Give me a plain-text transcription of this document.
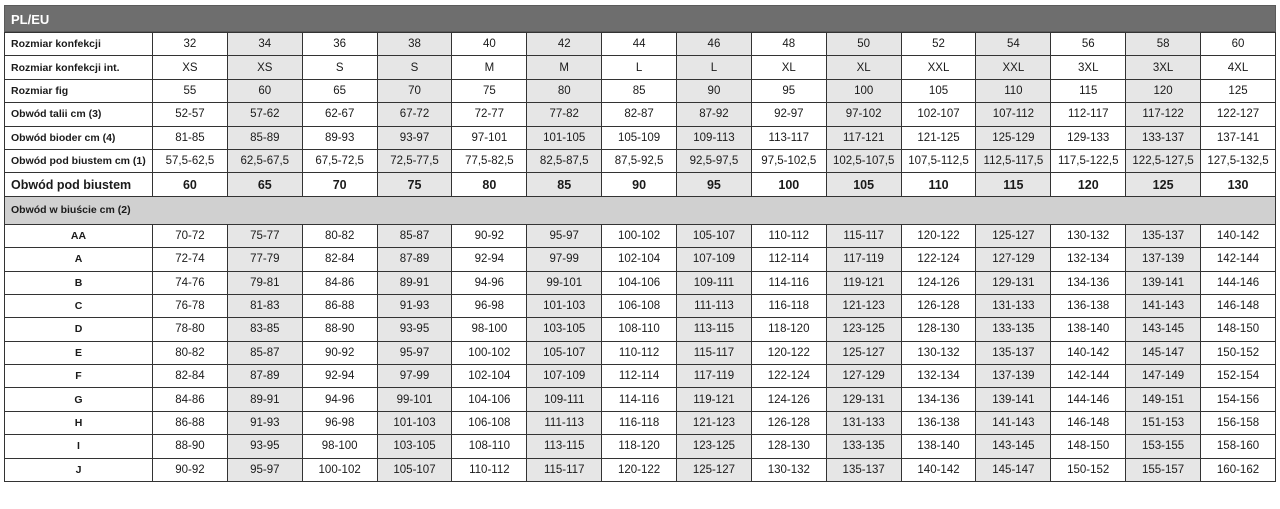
PL/EU
Rozmiar konfekcji	32	34	36	38	40	42	44	46	48	50	52	54	56	58	60
Rozmiar konfekcji int.	XS	XS	S	S	M	M	L	L	XL	XL	XXL	XXL	3XL	3XL	4XL
Rozmiar fig	55	60	65	70	75	80	85	90	95	100	105	110	115	120	125
Obwód talii cm (3)	52-57	57-62	62-67	67-72	72-77	77-82	82-87	87-92	92-97	97-102	102-107	107-112	112-117	117-122	122-127
Obwód bioder cm (4)	81-85	85-89	89-93	93-97	97-101	101-105	105-109	109-113	113-117	117-121	121-125	125-129	129-133	133-137	137-141
Obwód pod biustem cm (1)	57,5-62,5	62,5-67,5	67,5-72,5	72,5-77,5	77,5-82,5	82,5-87,5	87,5-92,5	92,5-97,5	97,5-102,5	102,5-107,5	107,5-112,5	112,5-117,5	117,5-122,5	122,5-127,5	127,5-132,5
Obwód pod biustem	60	65	70	75	80	85	90	95	100	105	110	115	120	125	130
Obwód w biuście cm (2)															
AA	70-72	75-77	80-82	85-87	90-92	95-97	100-102	105-107	110-112	115-117	120-122	125-127	130-132	135-137	140-142
A	72-74	77-79	82-84	87-89	92-94	97-99	102-104	107-109	112-114	117-119	122-124	127-129	132-134	137-139	142-144
B	74-76	79-81	84-86	89-91	94-96	99-101	104-106	109-111	114-116	119-121	124-126	129-131	134-136	139-141	144-146
C	76-78	81-83	86-88	91-93	96-98	101-103	106-108	111-113	116-118	121-123	126-128	131-133	136-138	141-143	146-148
D	78-80	83-85	88-90	93-95	98-100	103-105	108-110	113-115	118-120	123-125	128-130	133-135	138-140	143-145	148-150
E	80-82	85-87	90-92	95-97	100-102	105-107	110-112	115-117	120-122	125-127	130-132	135-137	140-142	145-147	150-152
F	82-84	87-89	92-94	97-99	102-104	107-109	112-114	117-119	122-124	127-129	132-134	137-139	142-144	147-149	152-154
G	84-86	89-91	94-96	99-101	104-106	109-111	114-116	119-121	124-126	129-131	134-136	139-141	144-146	149-151	154-156
H	86-88	91-93	96-98	101-103	106-108	111-113	116-118	121-123	126-128	131-133	136-138	141-143	146-148	151-153	156-158
I	88-90	93-95	98-100	103-105	108-110	113-115	118-120	123-125	128-130	133-135	138-140	143-145	148-150	153-155	158-160
J	90-92	95-97	100-102	105-107	110-112	115-117	120-122	125-127	130-132	135-137	140-142	145-147	150-152	155-157	160-162
